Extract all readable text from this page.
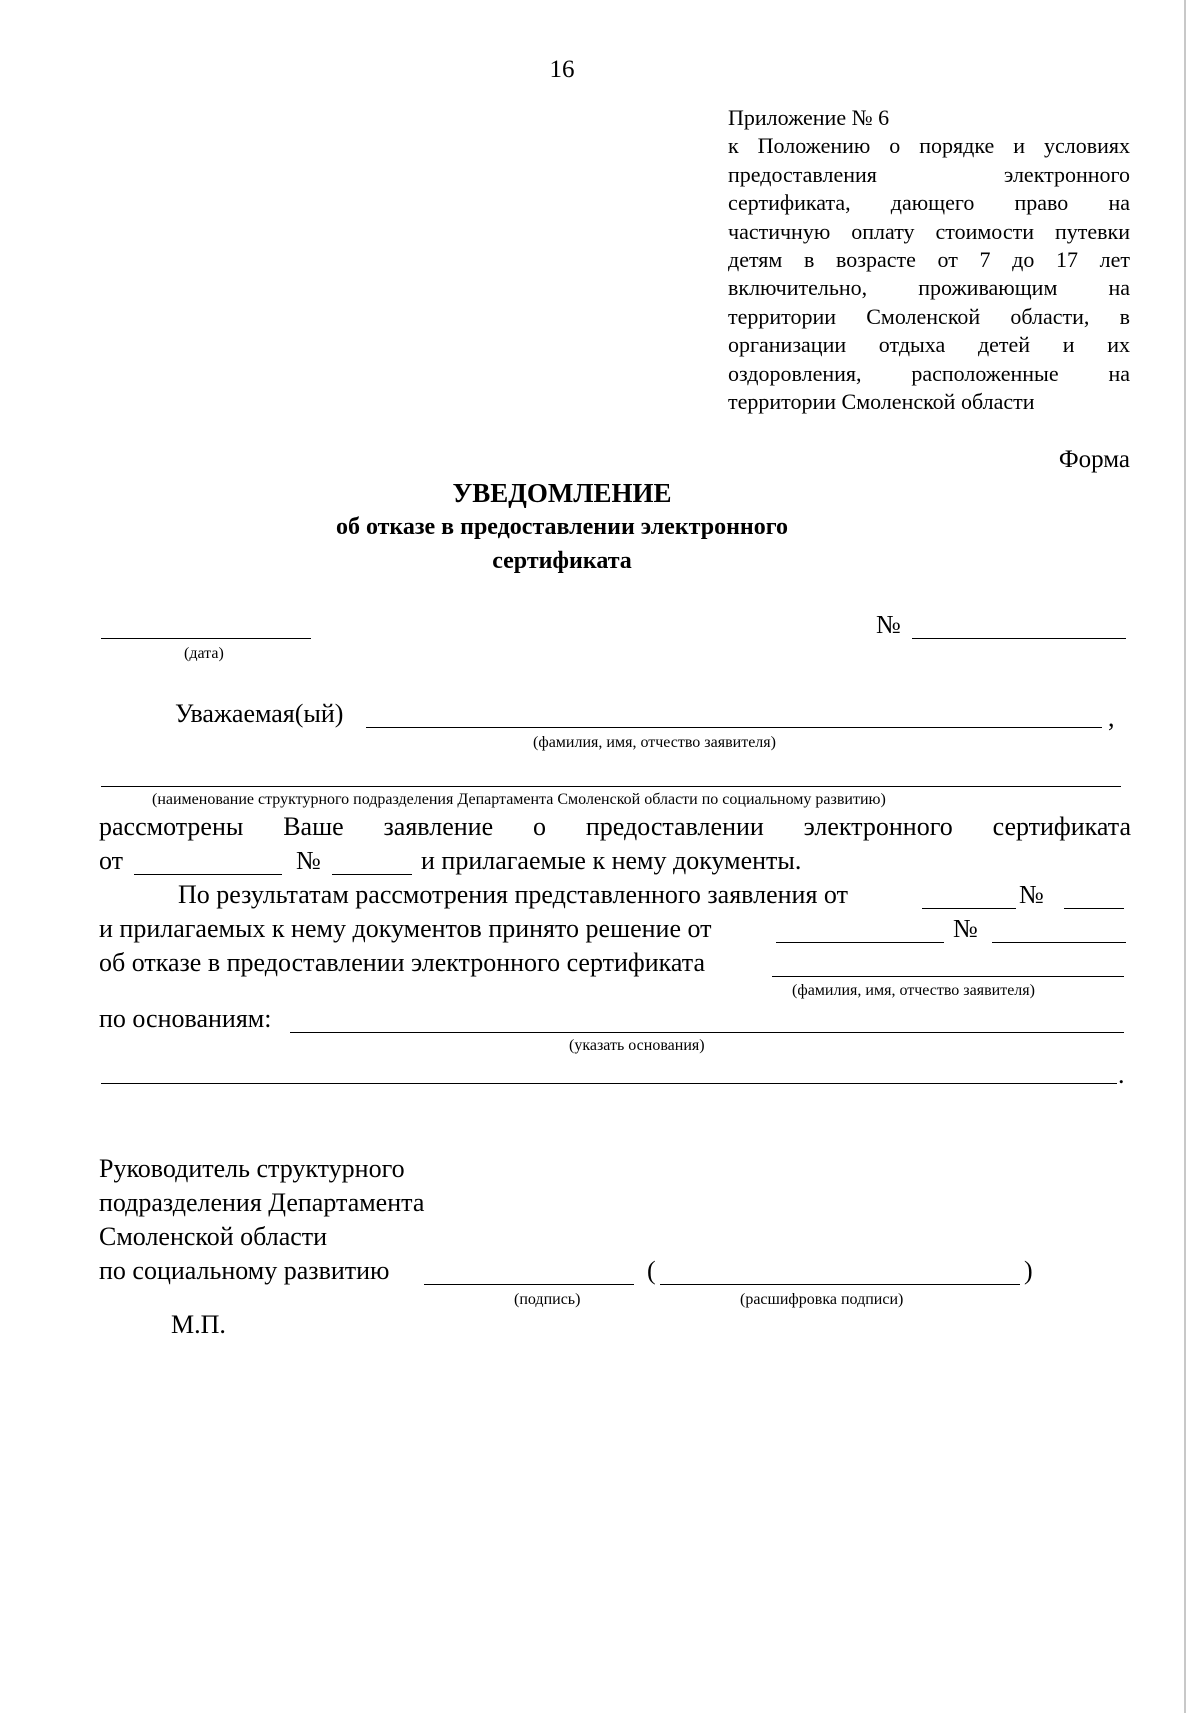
16
Приложение № 6
к Положению о порядке и условиях
предоставления электронного
сертификата, дающего право на
частичную оплату стоимости путевки
детям в возрасте от 7 до 17 лет
включительно, проживающим на
территории Смоленской области, в
организации отдыха детей и их
оздоровления, расположенные на
территории Смоленской области
Форма
УВЕДОМЛЕНИЕ
об отказе в предоставлении электронного
сертификата
(дата)
№
Уважаемая(ый)	,
(фамилия, имя, отчество заявителя)
(наименование структурного подразделения Департамента Смоленской области по социальному развитию)
рассмотрены Ваше заявление о предоставлении электронного сертификата
от	№	и прилагаемые к нему документы.
По результатам рассмотрения представленного заявления от	№
и прилагаемых к нему документов принято решение от	№
об отказе в предоставлении электронного сертификата
(фамилия, имя, отчество заявителя)
по основаниям:
(указать основания)
.
Руководитель структурного
подразделения Департамента
Смоленской области
по социальному развитию	(	)
(подпись)	(расшифровка подписи)
М.П.
